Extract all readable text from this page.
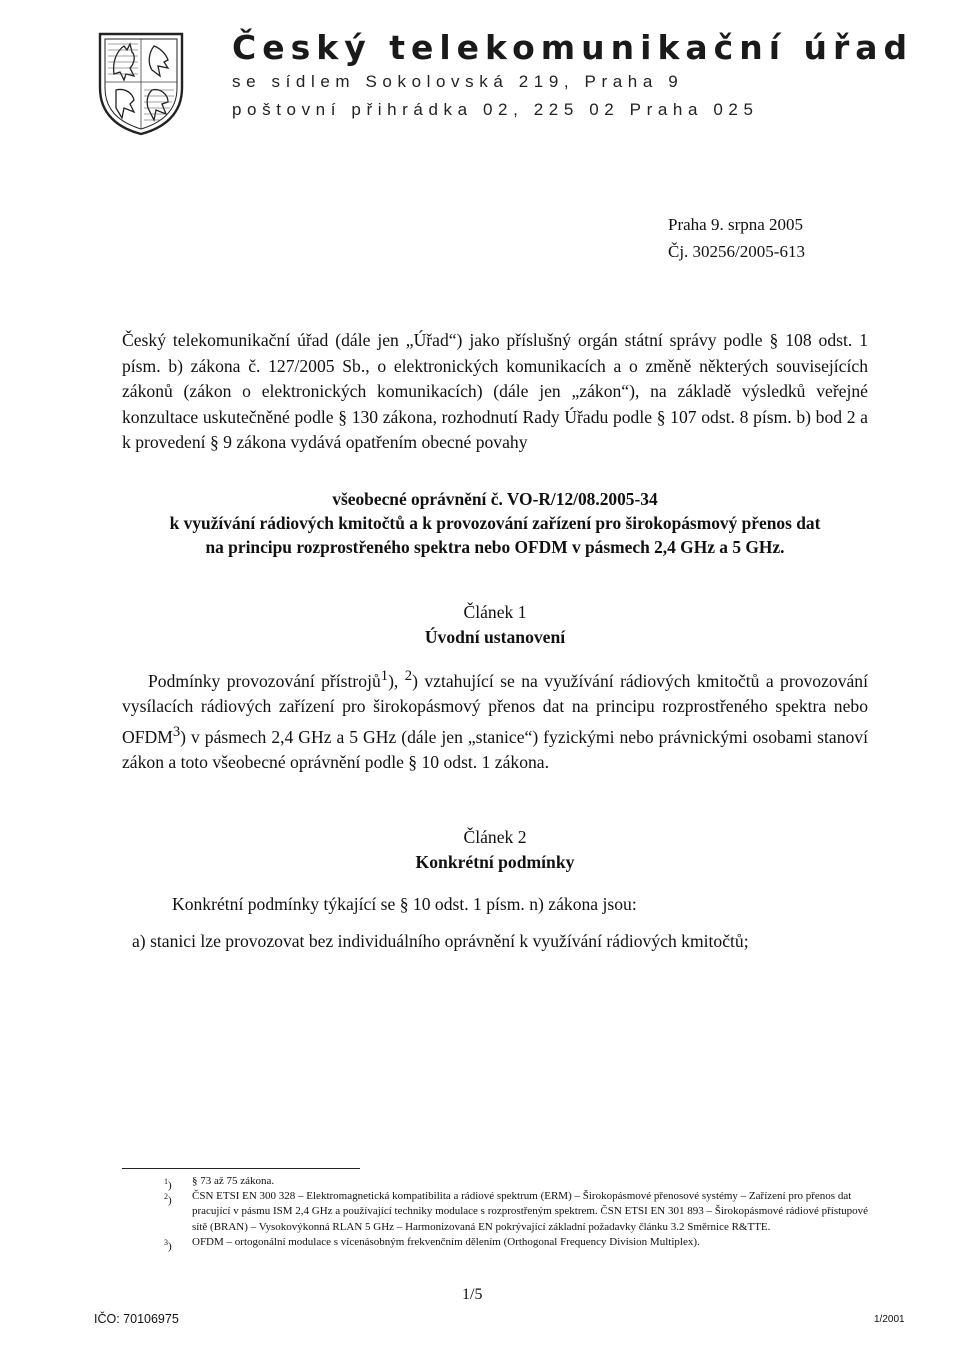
Český telekomunikační úřad
se sídlem Sokolovská 219, Praha 9
poštovní přihrádka 02, 225 02 Praha 025
Praha 9. srpna 2005
Čj. 30256/2005-613
Český telekomunikační úřad (dále jen „Úřad“) jako příslušný orgán státní správy podle § 108 odst. 1 písm. b) zákona č. 127/2005 Sb., o elektronických komunikacích a o změně některých souvisejících zákonů (zákon o elektronických komunikacích) (dále jen „zákon“), na základě výsledků veřejné konzultace uskutečněné podle § 130 zákona, rozhodnutí Rady Úřadu podle § 107 odst. 8 písm. b) bod 2 a k provedení § 9 zákona vydává opatřením obecné povahy
všeobecné oprávnění č. VO-R/12/08.2005-34
k využívání rádiových kmitočtů a k provozování zařízení pro širokopásmový přenos dat
na principu rozprostřeného spektra nebo OFDM v pásmech 2,4 GHz a 5 GHz.
Článek 1
Úvodní ustanovení
Podmínky provozování přístrojů$^1$), $^2$) vztahující se na využívání rádiových kmitočtů a provozování vysílacích rádiových zařízení pro širokopásmový přenos dat na principu rozprostřeného spektra nebo OFDM$^3$) v pásmech 2,4 GHz a 5 GHz (dále jen „stanice“) fyzickými nebo právnickými osobami stanoví zákon a toto všeobecné oprávnění podle § 10 odst. 1 zákona.
Článek 2
Konkrétní podmínky
Konkrétní podmínky týkající se § 10 odst. 1 písm. n) zákona jsou:
a) stanici lze provozovat bez individuálního oprávnění k využívání rádiových kmitočtů;
$^1$) § 73 až 75 zákona.
$^2$) ČSN ETSI EN 300 328 – Elektromagnetická kompatibilita a rádiové spektrum (ERM) – Širokopásmové přenosové systémy – Zařízení pro přenos dat pracující v pásmu ISM 2,4 GHz a používající techniky modulace s rozprostřeným spektrem. ČSN ETSI EN 301 893 – Širokopásmové rádiové přístupové sítě (BRAN) – Vysokovýkonná RLAN 5 GHz – Harmonizovaná EN pokrývající základní požadavky článku 3.2 Směrnice R&TTE.
$^3$) OFDM – ortogonální modulace s vícenásobným frekvenčním dělením (Orthogonal Frequency Division Multiplex).
1/5
IČO: 70106975	1/2001
